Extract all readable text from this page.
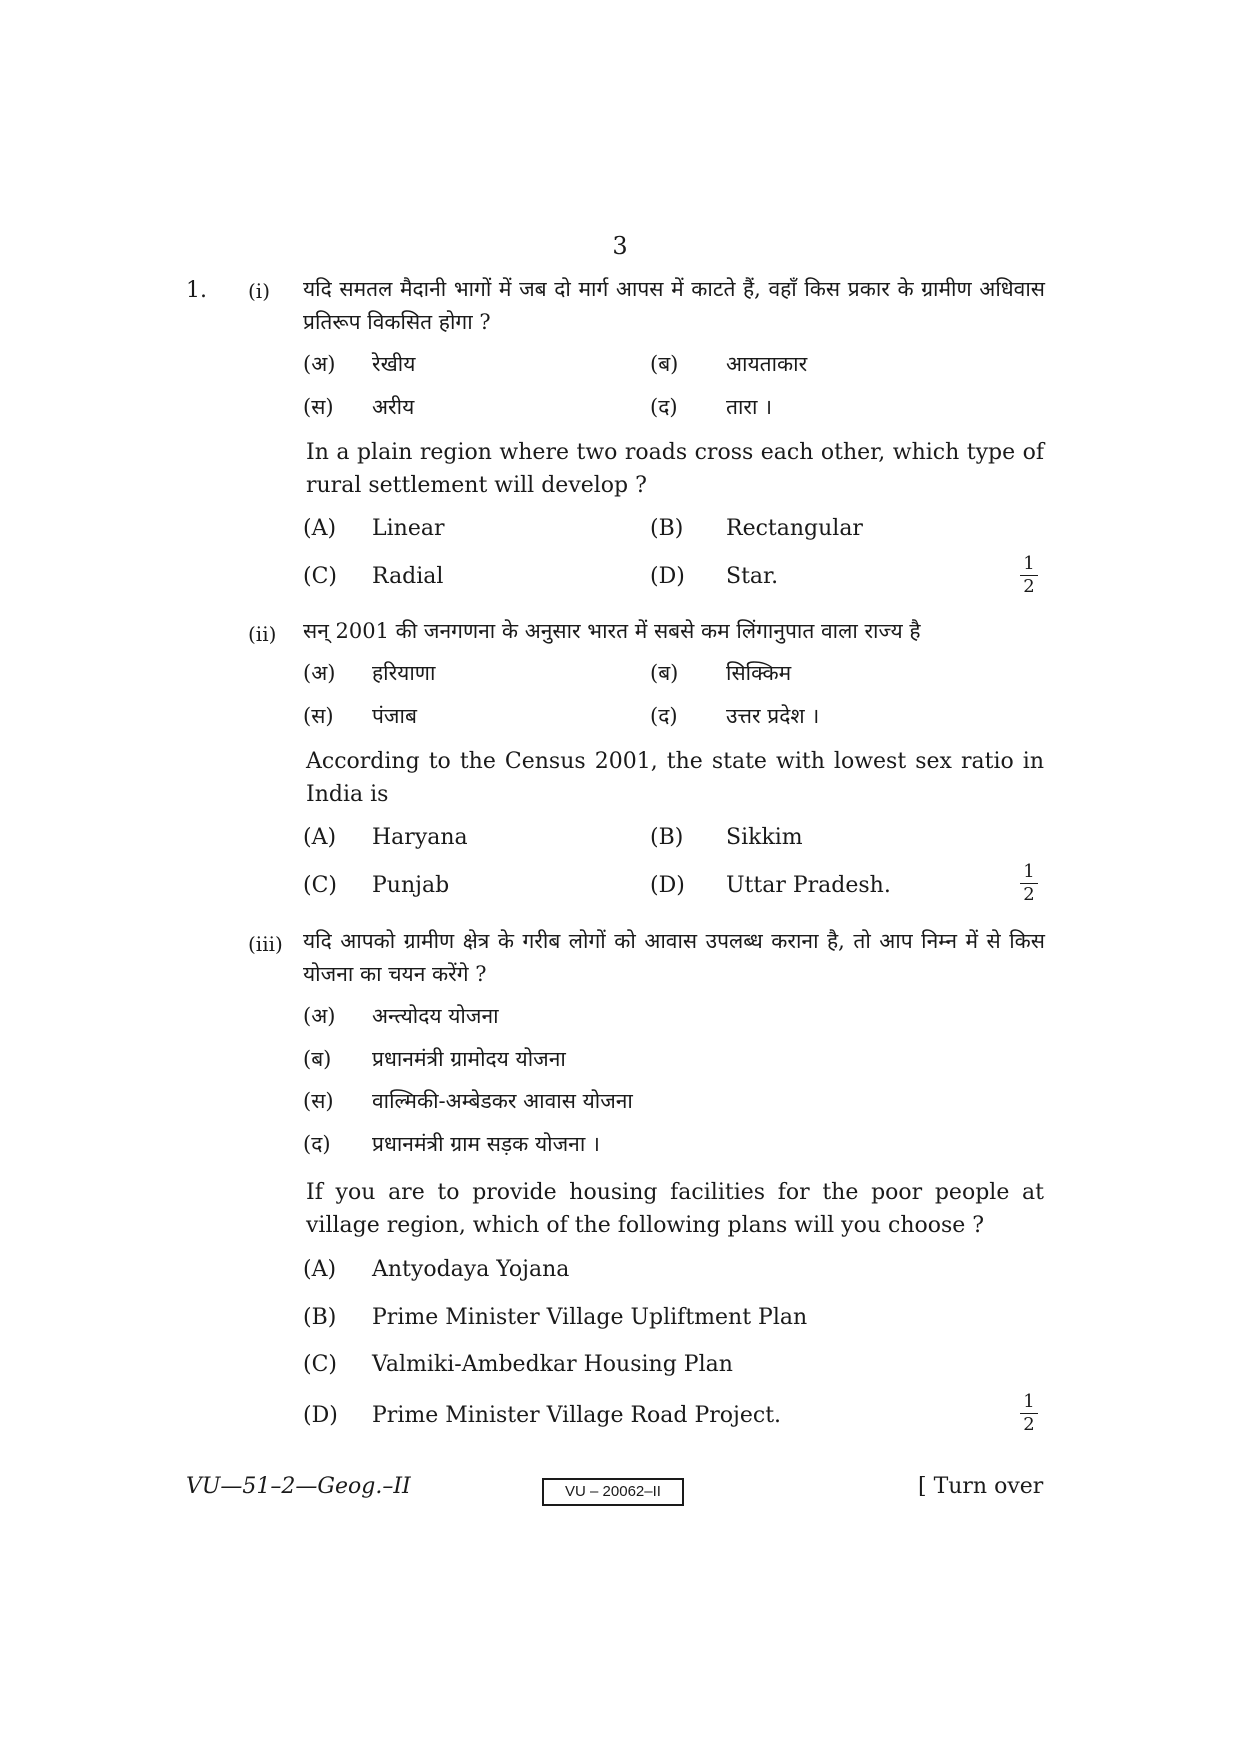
3
1. (i) यदि समतल मैदानी भागों में जब दो मार्ग आपस में काटते हैं, वहाँ किस प्रकार के ग्रामीण अधिवास प्रतिरूप विकसित होगा ?
(अ) रेखीय	(ब) आयताकार
(स) अरीय	(द) तारा ।
In a plain region where two roads cross each other, which type of rural settlement will develop ?
(A) Linear	(B) Rectangular
(C) Radial	(D) Star.
1
2
(ii) सन् 2001 की जनगणना के अनुसार भारत में सबसे कम लिंगानुपात वाला राज्य है
(अ) हरियाणा	(ब) सिक्किम
(स) पंजाब	(द) उत्तर प्रदेश ।
According to the Census 2001, the state with lowest sex ratio in India is
(A) Haryana	(B) Sikkim
(C) Punjab	(D) Uttar Pradesh.
1
2
(iii) यदि आपको ग्रामीण क्षेत्र के गरीब लोगों को आवास उपलब्ध कराना है, तो आप निम्न में से किस योजना का चयन करेंगे ?
(अ) अन्त्योदय योजना
(ब) प्रधानमंत्री ग्रामोदय योजना
(स) वाल्मिकी-अम्बेडकर आवास योजना
(द) प्रधानमंत्री ग्राम सड़क योजना ।
If you are to provide housing facilities for the poor people at village region, which of the following plans will you choose ?
(A) Antyodaya Yojana
(B) Prime Minister Village Upliftment Plan
(C) Valmiki-Ambedkar Housing Plan
(D) Prime Minister Village Road Project.
1
2
VU—51–2—Geog.–II	VU – 20062–II	[ Turn over
